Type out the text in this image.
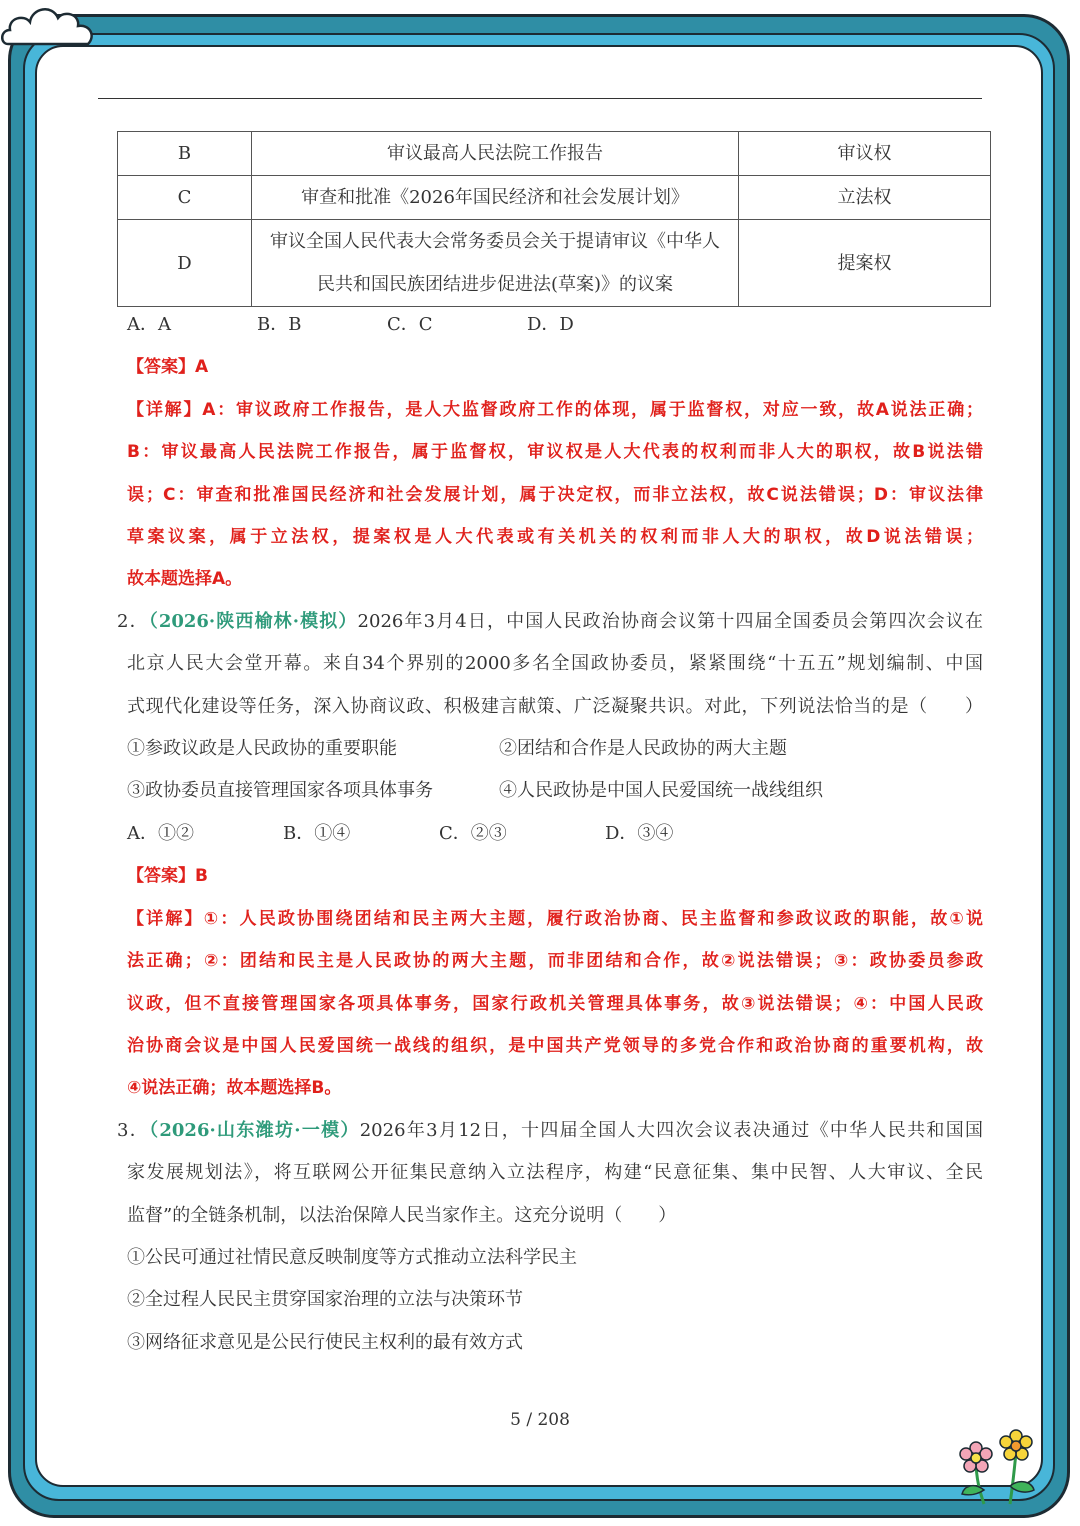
B	审议最高人民法院工作报告	审议权
C	审查和批准《2026年国民经济和社会发展计划》	立法权
D	审议全国人民代表大会常务委员会关于提请审议《中华人
民共和国民族团结进步促进法(草案)》的议案	提案权
A．A	B．B	C．C	D．D
【答案】A
【详解】A：审议政府工作报告，是人大监督政府工作的体现，属于监督权，对应一致，故A说法正确；
B：审议最高人民法院工作报告，属于监督权，审议权是人大代表的权利而非人大的职权，故B说法错
误；C：审查和批准国民经济和社会发展计划，属于决定权，而非立法权，故C说法错误；D：审议法律
草案议案，属于立法权，提案权是人大代表或有关机关的权利而非人大的职权，故D说法错误；
故本题选择A。
2．（2026·陕西榆林·模拟）2026年3月4日，中国人民政治协商会议第十四届全国委员会第四次会议在
北京人民大会堂开幕。来自34个界别的2000多名全国政协委员，紧紧围绕“十五五”规划编制、中国
式现代化建设等任务，深入协商议政、积极建言献策、广泛凝聚共识。对此，下列说法恰当的是（　　）
①参政议政是人民政协的重要职能	②团结和合作是人民政协的两大主题
③政协委员直接管理国家各项具体事务	④人民政协是中国人民爱国统一战线组织
A．①②	B．①④	C．②③	D．③④
【答案】B
【详解】①：人民政协围绕团结和民主两大主题，履行政治协商、民主监督和参政议政的职能，故①说
法正确；②：团结和民主是人民政协的两大主题，而非团结和合作，故②说法错误；③：政协委员参政
议政，但不直接管理国家各项具体事务，国家行政机关管理具体事务，故③说法错误；④：中国人民政
治协商会议是中国人民爱国统一战线的组织，是中国共产党领导的多党合作和政治协商的重要机构，故
④说法正确；故本题选择B。
3．（2026·山东潍坊·一模）2026年3月12日，十四届全国人大四次会议表决通过《中华人民共和国国
家发展规划法》，将互联网公开征集民意纳入立法程序，构建“民意征集、集中民智、人大审议、全民
监督”的全链条机制，以法治保障人民当家作主。这充分说明（　　）
①公民可通过社情民意反映制度等方式推动立法科学民主
②全过程人民民主贯穿国家治理的立法与决策环节
③网络征求意见是公民行使民主权利的最有效方式
5 / 208
